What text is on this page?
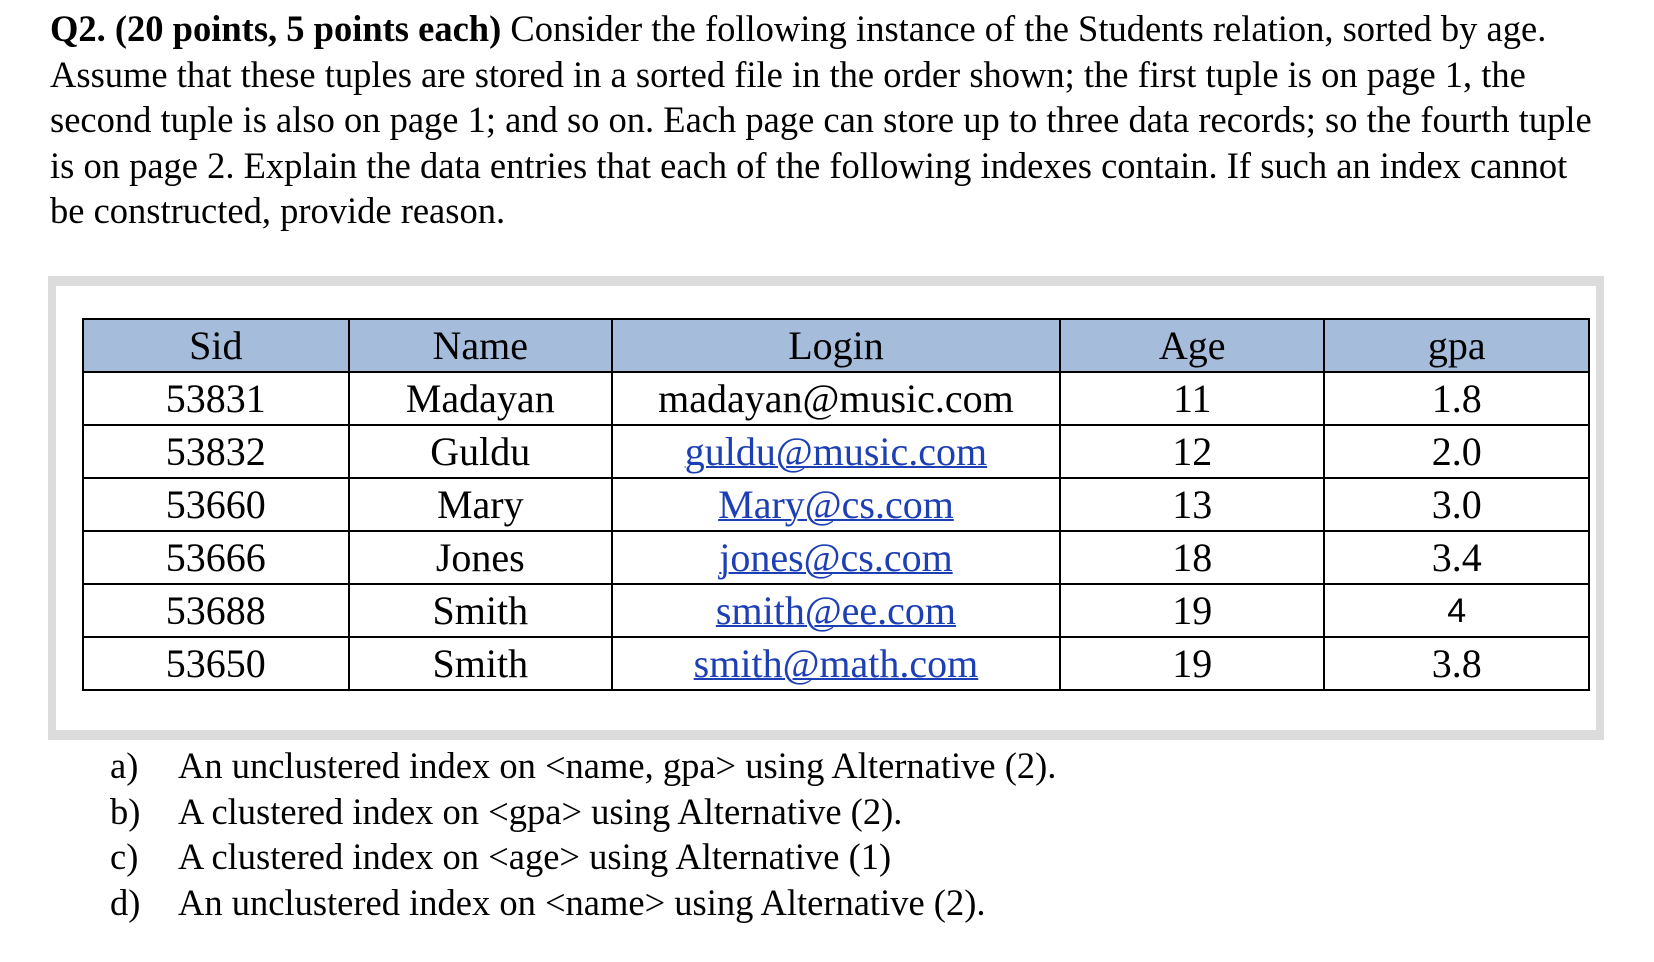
Q2. (20 points, 5 points each) Consider the following instance of the Students relation, sorted by age. Assume that these tuples are stored in a sorted file in the order shown; the first tuple is on page 1, the second tuple is also on page 1; and so on. Each page can store up to three data records; so the fourth tuple is on page 2. Explain the data entries that each of the following indexes contain. If such an index cannot be constructed, provide reason.
Sid	Name	Login	Age	gpa
53831	Madayan	madayan@music.com	11	1.8
53832	Guldu	guldu@music.com	12	2.0
53660	Mary	Mary@cs.com	13	3.0
53666	Jones	jones@cs.com	18	3.4
53688	Smith	smith@ee.com	19	4
53650	Smith	smith@math.com	19	3.8
a)	An unclustered index on <name, gpa> using Alternative (2).
b)	A clustered index on <gpa> using Alternative (2).
c)	A clustered index on <age> using Alternative (1)
d)	An unclustered index on <name> using Alternative (2).
